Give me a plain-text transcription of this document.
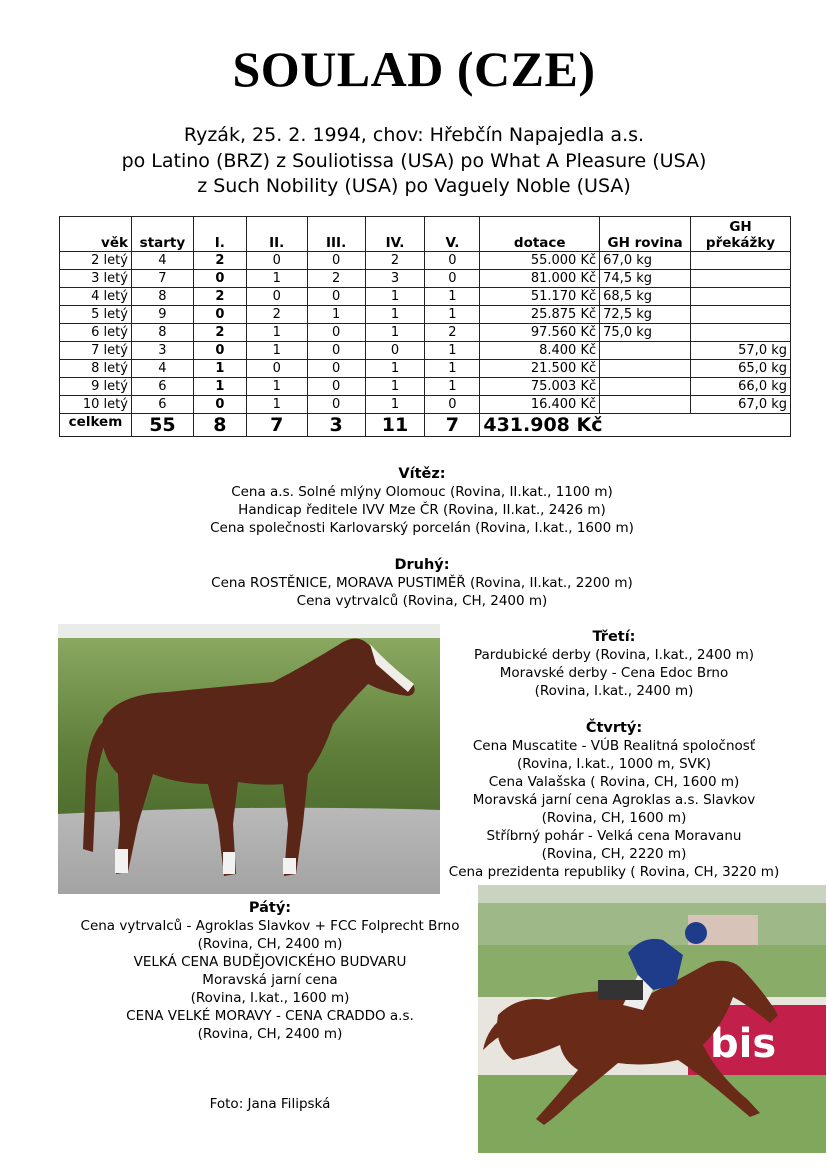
SOULAD (CZE)
Ryzák, 25. 2. 1994, chov: Hřebčín Napajedla a.s.
po Latino (BRZ) z Souliotissa (USA) po What A Pleasure (USA)
z Such Nobility (USA) po Vaguely Noble (USA)
věk	starty	I.	II.	III.	IV.	V.	dotace	GH rovina	GH překážky
2 letý	4	2	0	0	2	0	55.000 Kč	67,0 kg	
3 letý	7	0	1	2	3	0	81.000 Kč	74,5 kg	
4 letý	8	2	0	0	1	1	51.170 Kč	68,5 kg	
5 letý	9	0	2	1	1	1	25.875 Kč	72,5 kg	
6 letý	8	2	1	0	1	2	97.560 Kč	75,0 kg	
7 letý	3	0	1	0	0	1	8.400 Kč		57,0 kg
8 letý	4	1	0	0	1	1	21.500 Kč		65,0 kg
9 letý	6	1	1	0	1	1	75.003 Kč		66,0 kg
10 letý	6	0	1	0	1	0	16.400 Kč		67,0 kg
celkem	55	8	7	3	11	7	431.908 Kč		
Vítěz:
Cena a.s. Solné mlýny Olomouc (Rovina, II.kat., 1100 m)
Handicap ředitele IVV Mze ČR (Rovina, II.kat., 2426 m)
Cena společnosti Karlovarský porcelán (Rovina, I.kat., 1600 m)
Druhý:
Cena ROSTĚNICE, MORAVA PUSTIMĚŘ (Rovina, II.kat., 2200 m)
Cena vytrvalců (Rovina, CH, 2400 m)
Třetí:
Pardubické derby (Rovina, I.kat., 2400 m)
Moravské derby - Cena Edoc Brno
(Rovina, I.kat., 2400 m)
Čtvrtý:
Cena Muscatite - VÚB Realitná spoločnosť
(Rovina, I.kat., 1000 m, SVK)
Cena Valašska ( Rovina, CH, 1600 m)
Moravská jarní cena Agroklas a.s. Slavkov
(Rovina, CH, 1600 m)
Stříbrný pohár - Velká cena Moravanu
(Rovina, CH, 2220 m)
Cena prezidenta republiky ( Rovina, CH, 3220 m)
Pátý:
Cena vytrvalců - Agroklas Slavkov + FCC Folprecht Brno
(Rovina, CH, 2400 m)
VELKÁ CENA BUDĚJOVICKÉHO BUDVARU
Moravská jarní cena
(Rovina, I.kat., 1600 m)
CENA VELKÉ MORAVY - CENA CRADDO a.s.
(Rovina, CH, 2400 m)
Foto: Jana Filipská
bis
